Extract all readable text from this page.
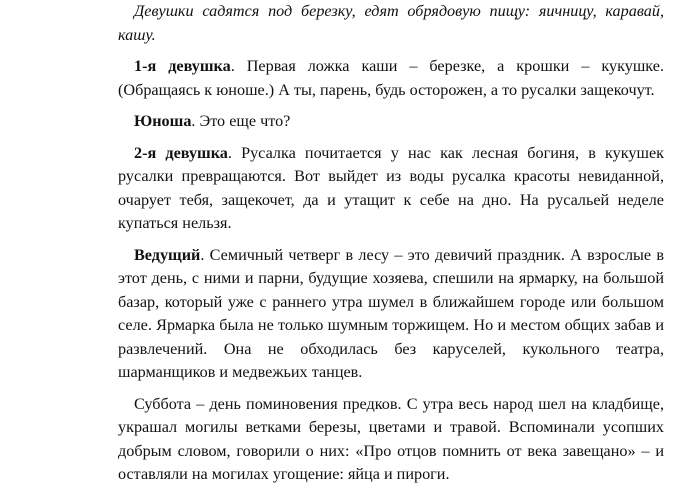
Девушки садятся под березку, едят обрядовую пищу: яичницу, каравай, кашу.

1-я девушка. Первая ложка каши – березке, а крошки – кукушке. (Обращаясь к юноше.) А ты, парень, будь осторожен, а то русалки защекочут.

Юноша. Это еще что?

2-я девушка. Русалка почитается у нас как лесная богиня, в кукушек русалки превращаются. Вот выйдет из воды русалка красоты невиданной, очарует тебя, защекочет, да и утащит к себе на дно. На русальей неделе купаться нельзя.

Ведущий. Семичный четверг в лесу – это девичий праздник. А взрослые в этот день, с ними и парни, будущие хозяева, спешили на ярмарку, на большой базар, который уже с раннего утра шумел в ближайшем городе или большом селе. Ярмарка была не только шумным торжищем. Но и местом общих забав и развлечений. Она не обходилась без каруселей, кукольного театра, шарманщиков и медвежьих танцев.

Суббота – день поминовения предков. С утра весь народ шел на кладбище, украшал могилы ветками березы, цветами и травой. Вспоминали усопших добрым словом, говорили о них: «Про отцов помнить от века завещано» – и оставляли на могилах угощение: яйца и пироги.
